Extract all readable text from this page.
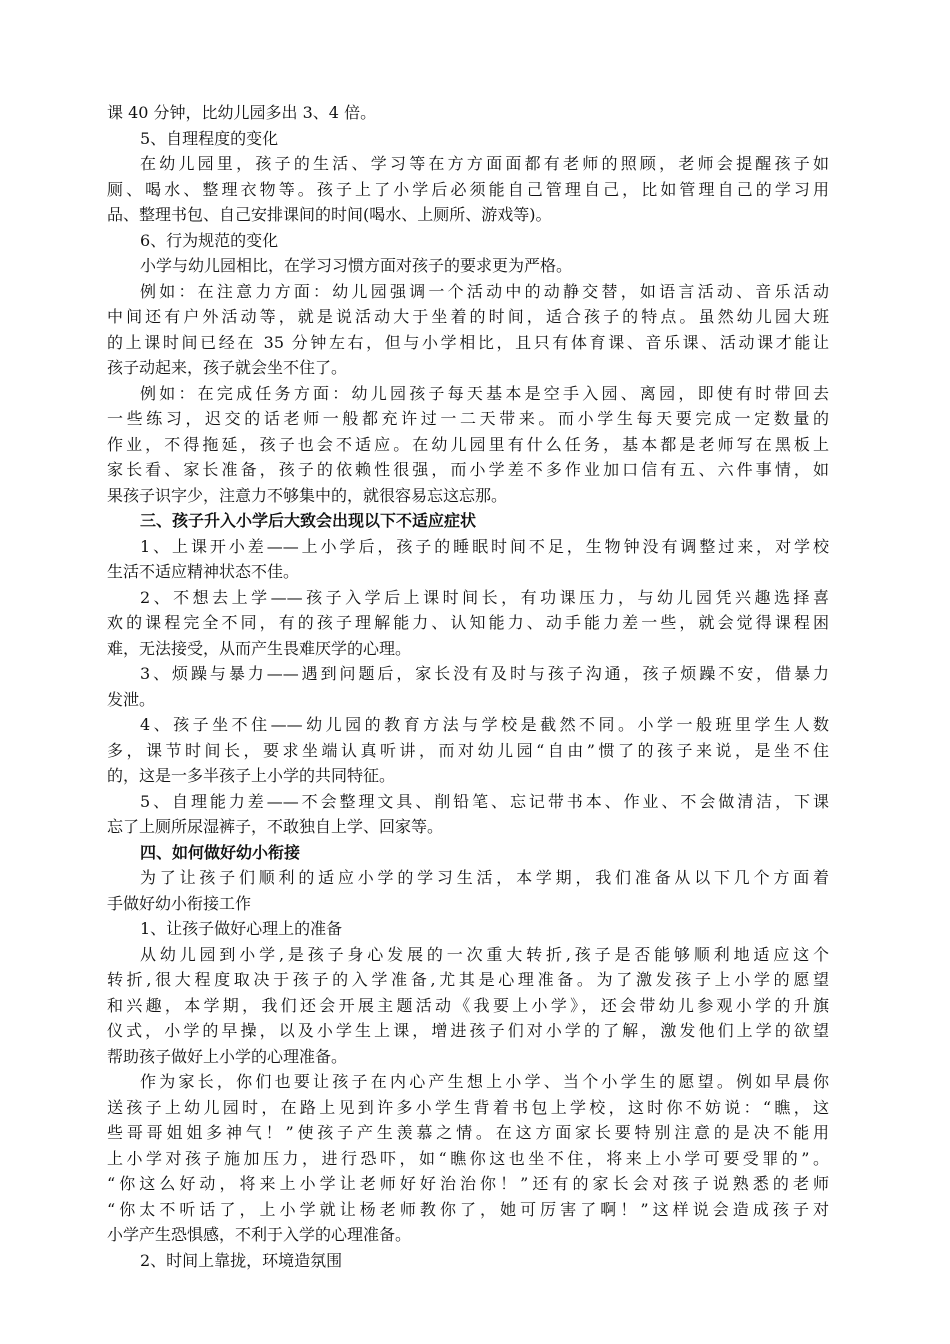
课 40 分钟，比幼儿园多出 3、4 倍。
5、自理程度的变化
在幼儿园里，孩子的生活、学习等在方方面面都有老师的照顾，老师会提醒孩子如
厕、喝水、整理衣物等。孩子上了小学后必须能自己管理自己，比如管理自己的学习用
品、整理书包、自己安排课间的时间(喝水、上厕所、游戏等)。
6、行为规范的变化
小学与幼儿园相比，在学习习惯方面对孩子的要求更为严格。
例如：在注意力方面：幼儿园强调一个活动中的动静交替，如语言活动、音乐活动
中间还有户外活动等，就是说活动大于坐着的时间，适合孩子的特点。虽然幼儿园大班
的上课时间已经在 35 分钟左右，但与小学相比，且只有体育课、音乐课、活动课才能让
孩子动起来，孩子就会坐不住了。
例如：在完成任务方面：幼儿园孩子每天基本是空手入园、离园，即使有时带回去
一些练习，迟交的话老师一般都充许过一二天带来。而小学生每天要完成一定数量的
作业，不得拖延，孩子也会不适应。在幼儿园里有什么任务，基本都是老师写在黑板上
家长看、家长准备，孩子的依赖性很强，而小学差不多作业加口信有五、六件事情，如
果孩子识字少，注意力不够集中的，就很容易忘这忘那。
三、孩子升入小学后大致会出现以下不适应症状
1、上课开小差——上小学后，孩子的睡眠时间不足，生物钟没有调整过来，对学校
生活不适应精神状态不佳。
2、不想去上学——孩子入学后上课时间长，有功课压力，与幼儿园凭兴趣选择喜
欢的课程完全不同，有的孩子理解能力、认知能力、动手能力差一些，就会觉得课程困
难，无法接受，从而产生畏难厌学的心理。
3、烦躁与暴力——遇到问题后，家长没有及时与孩子沟通，孩子烦躁不安，借暴力
发泄。
4、孩子坐不住——幼儿园的教育方法与学校是截然不同。小学一般班里学生人数
多，课节时间长，要求坐端认真听讲，而对幼儿园“自由”惯了的孩子来说，是坐不住
的，这是一多半孩子上小学的共同特征。
5、自理能力差——不会整理文具、削铅笔、忘记带书本、作业、不会做清洁，下课
忘了上厕所尿湿裤子，不敢独自上学、回家等。
四、如何做好幼小衔接
为了让孩子们顺利的适应小学的学习生活，本学期，我们准备从以下几个方面着
手做好幼小衔接工作
1、让孩子做好心理上的准备
从幼儿园到小学,是孩子身心发展的一次重大转折,孩子是否能够顺利地适应这个
转折,很大程度取决于孩子的入学准备,尤其是心理准备。为了激发孩子上小学的愿望
和兴趣，本学期，我们还会开展主题活动《我要上小学》，还会带幼儿参观小学的升旗
仪式，小学的早操，以及小学生上课，增进孩子们对小学的了解，激发他们上学的欲望
帮助孩子做好上小学的心理准备。
作为家长，你们也要让孩子在内心产生想上小学、当个小学生的愿望。例如早晨你
送孩子上幼儿园时，在路上见到许多小学生背着书包上学校，这时你不妨说：“瞧，这
些哥哥姐姐多神气！”使孩子产生羡慕之情。在这方面家长要特别注意的是决不能用
上小学对孩子施加压力，进行恐吓，如“瞧你这也坐不住，将来上小学可要受罪的”。
“你这么好动，将来上小学让老师好好治治你！”还有的家长会对孩子说熟悉的老师
“你太不听话了，上小学就让杨老师教你了，她可厉害了啊！”这样说会造成孩子对
小学产生恐惧感，不利于入学的心理准备。
2、时间上靠拢，环境造氛围
